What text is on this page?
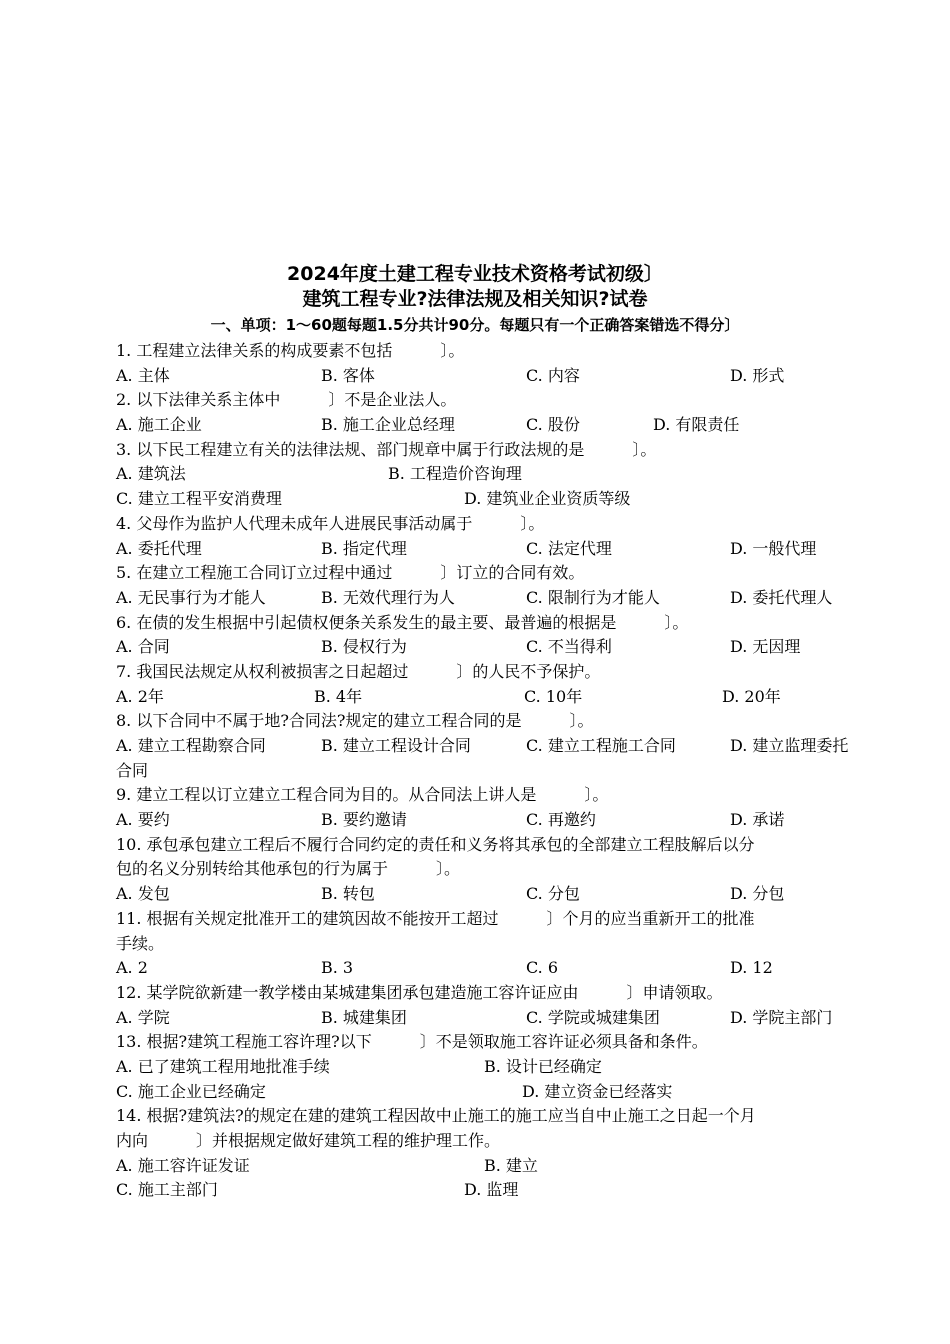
2024年度土建工程专业技术资格考试初级〕
建筑工程专业?法律法规及相关知识?试卷
一、单项：1～60题每题1.5分共计90分。每题只有一个正确答案错选不得分〕
1. 工程建立法律关系的构成要素不包括　　　〕。
A. 主体	B. 客体	C. 内容	D. 形式
2. 以下法律关系主体中　　　〕不是企业法人。
A. 施工企业	B. 施工企业总经理	C. 股份	D. 有限责任
3. 以下民工程建立有关的法律法规、部门规章中属于行政法规的是　　　〕。
A. 建筑法	B. 工程造价咨询理
C. 建立工程平安消费理	D. 建筑业企业资质等级
4. 父母作为监护人代理未成年人进展民事活动属于　　　〕。
A. 委托代理	B. 指定代理	C. 法定代理	D. 一般代理
5. 在建立工程施工合同订立过程中通过　　　〕订立的合同有效。
A. 无民事行为才能人	B. 无效代理行为人	C. 限制行为才能人	D. 委托代理人
6. 在债的发生根据中引起债权便条关系发生的最主要、最普遍的根据是　　　〕。
A. 合同	B. 侵权行为	C. 不当得利	D. 无因理
7. 我国民法规定从权利被损害之日起超过　　　〕的人民不予保护。
A. 2年	B. 4年	C. 10年	D. 20年
8. 以下合同中不属于地?合同法?规定的建立工程合同的是　　　〕。
A. 建立工程勘察合同	B. 建立工程设计合同	C. 建立工程施工合同	D. 建立监理委托
合同
9. 建立工程以订立建立工程合同为目的。从合同法上讲人是　　　〕。
A. 要约	B. 要约邀请	C. 再邀约	D. 承诺
10. 承包承包建立工程后不履行合同约定的责任和义务将其承包的全部建立工程肢解后以分
包的名义分别转给其他承包的行为属于　　　〕。
A. 发包	B. 转包	C. 分包	D. 分包
11. 根据有关规定批准开工的建筑因故不能按开工超过　　　〕个月的应当重新开工的批准
手续。
A. 2	B. 3	C. 6	D. 12
12. 某学院欲新建一教学楼由某城建集团承包建造施工容许证应由　　　〕申请领取。
A. 学院	B. 城建集团	C. 学院或城建集团	D. 学院主部门
13. 根据?建筑工程施工容许理?以下　　　〕不是领取施工容许证必须具备和条件。
A. 已了建筑工程用地批准手续	B. 设计已经确定
C. 施工企业已经确定	D. 建立资金已经落实
14. 根据?建筑法?的规定在建的建筑工程因故中止施工的施工应当自中止施工之日起一个月
内向　　　〕并根据规定做好建筑工程的维护理工作。
A. 施工容许证发证	B. 建立
C. 施工主部门	D. 监理
